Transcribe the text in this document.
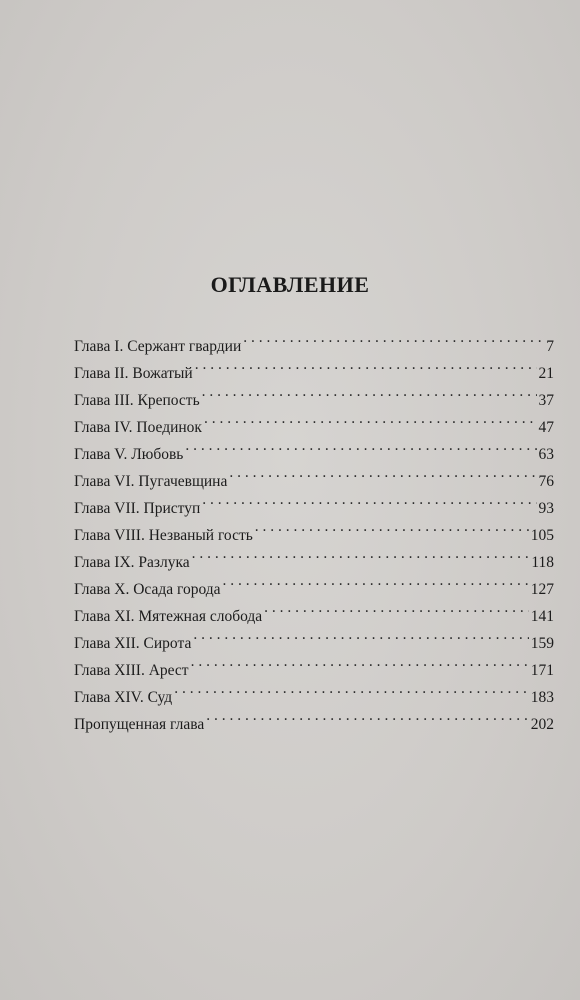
ОГЛАВЛЕНИЕ
Глава I. Сержант гвардии . . .	7
Глава II. Вожатый . . .	21
Глава III. Крепость . . .	37
Глава IV. Поединок . . .	47
Глава V. Любовь . . .	63
Глава VI. Пугачевщина . . .	76
Глава VII. Приступ . . .	93
Глава VIII. Незваный гость . . .	105
Глава IX. Разлука . . .	118
Глава X. Осада города . . .	127
Глава XI. Мятежная слобода . . .	141
Глава XII. Сирота . . .	159
Глава XIII. Арест . . .	171
Глава XIV. Суд . . .	183
Пропущенная глава . . .	202
